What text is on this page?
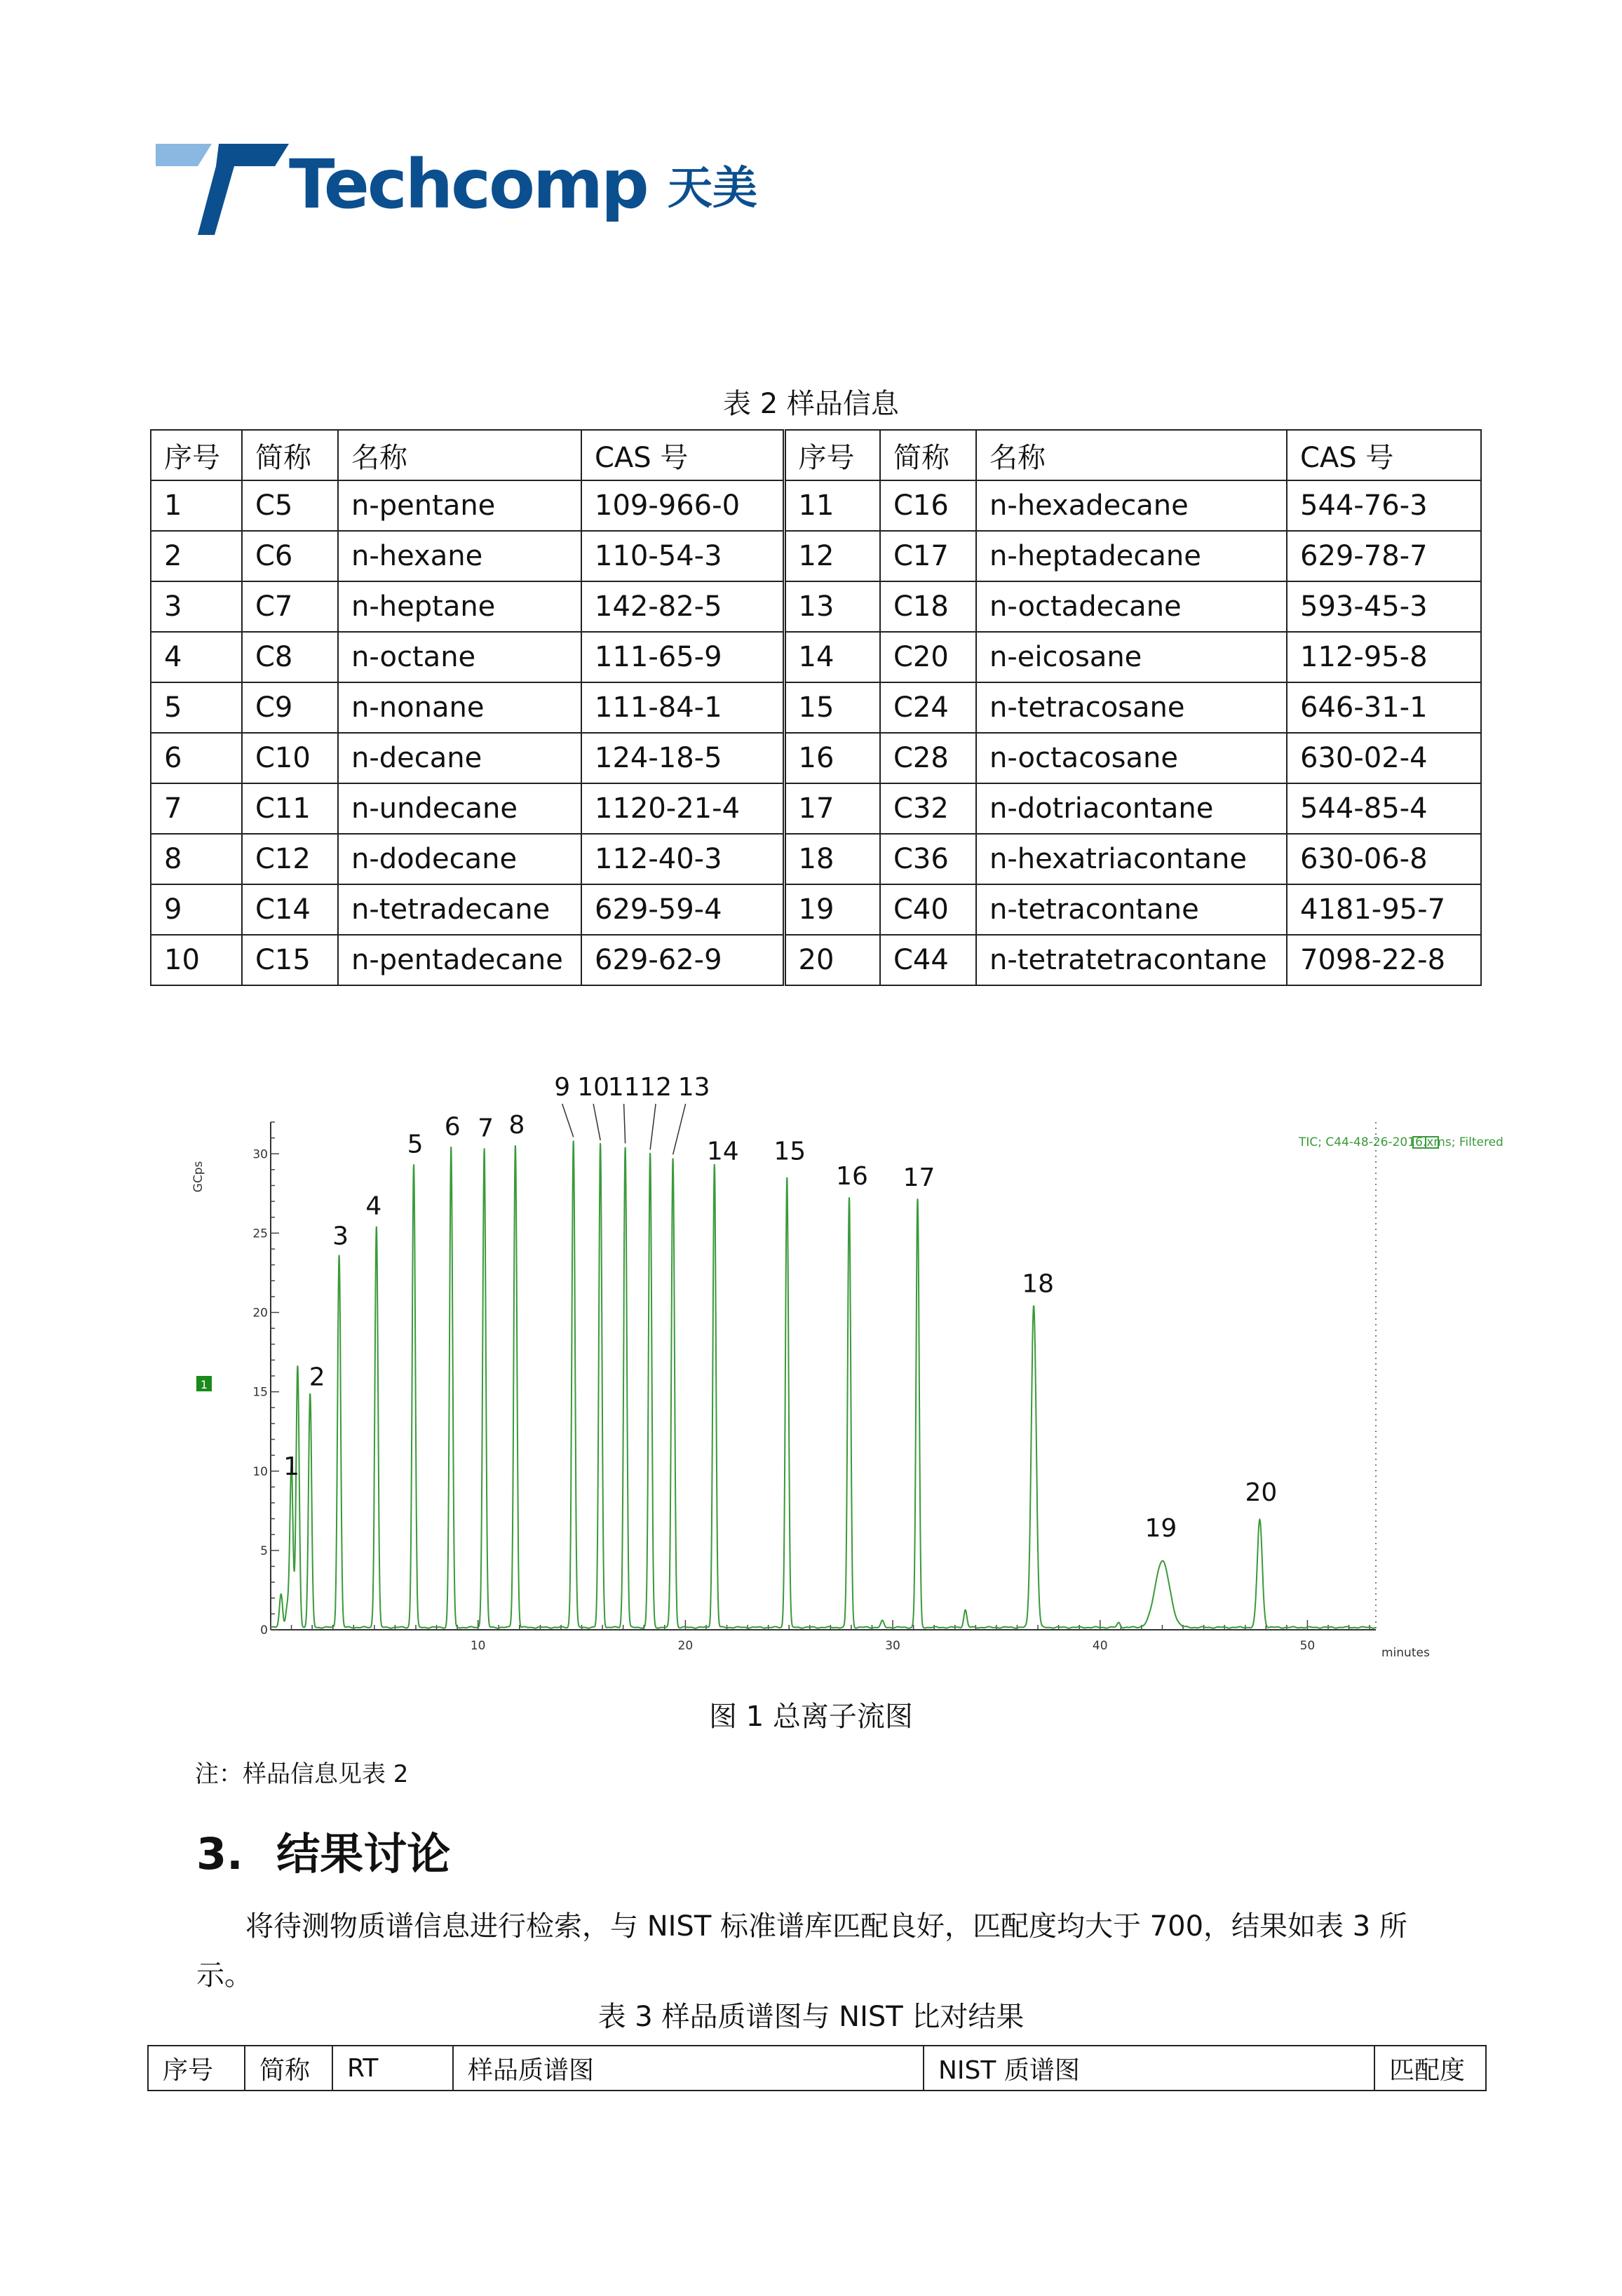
Techcomp 天美
表 2 样品信息
序号	简称	名称	CAS 号	序号	简称	名称	CAS 号
1	C5	n-pentane	109-966-0	11	C16	n-hexadecane	544-76-3
2	C6	n-hexane	110-54-3	12	C17	n-heptadecane	629-78-7
3	C7	n-heptane	142-82-5	13	C18	n-octadecane	593-45-3
4	C8	n-octane	111-65-9	14	C20	n-eicosane	112-95-8
5	C9	n-nonane	111-84-1	15	C24	n-tetracosane	646-31-1
6	C10	n-decane	124-18-5	16	C28	n-octacosane	630-02-4
7	C11	n-undecane	1120-21-4	17	C32	n-dotriacontane	544-85-4
8	C12	n-dodecane	112-40-3	18	C36	n-hexatriacontane	630-06-8
9	C14	n-tetradecane	629-59-4	19	C40	n-tetracontane	4181-95-7
10	C15	n-pentadecane	629-62-9	20	C44	n-tetratetracontane	7098-22-8
0
5
10
15
20
25
30
10	20	30	40	50
1
2
3
4
5
6 7 8
9 10
11 12 13
14 15
16 17
18
19
20
GCps
minutes
TIC; C44-48-26-2016.xms; Filtered
1
图 1 总离子流图
注：样品信息见表 2
3. 结果讨论
将待测物质谱信息进行检索，与 NIST 标准谱库匹配良好，匹配度均大于 700，结果如表 3 所示。
表 3 样品质谱图与 NIST 比对结果
序号	简称	RT	样品质谱图	NIST 质谱图	匹配度
